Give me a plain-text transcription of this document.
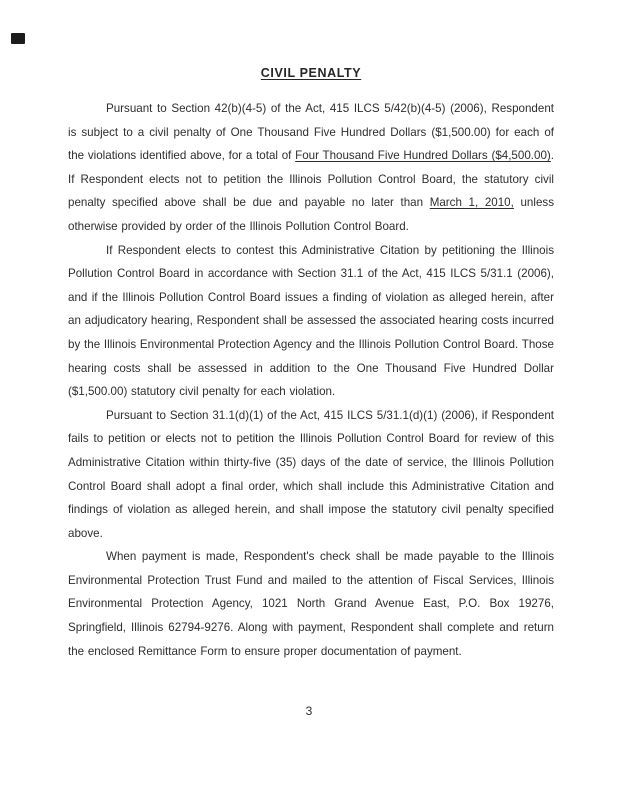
CIVIL PENALTY

Pursuant to Section 42(b)(4-5) of the Act, 415 ILCS 5/42(b)(4-5) (2006), Respondent is subject to a civil penalty of One Thousand Five Hundred Dollars ($1,500.00) for each of the violations identified above, for a total of Four Thousand Five Hundred Dollars ($4,500.00). If Respondent elects not to petition the Illinois Pollution Control Board, the statutory civil penalty specified above shall be due and payable no later than March 1, 2010, unless otherwise provided by order of the Illinois Pollution Control Board.

If Respondent elects to contest this Administrative Citation by petitioning the Illinois Pollution Control Board in accordance with Section 31.1 of the Act, 415 ILCS 5/31.1 (2006), and if the Illinois Pollution Control Board issues a finding of violation as alleged herein, after an adjudicatory hearing, Respondent shall be assessed the associated hearing costs incurred by the Illinois Environmental Protection Agency and the Illinois Pollution Control Board. Those hearing costs shall be assessed in addition to the One Thousand Five Hundred Dollar ($1,500.00) statutory civil penalty for each violation.

Pursuant to Section 31.1(d)(1) of the Act, 415 ILCS 5/31.1(d)(1) (2006), if Respondent fails to petition or elects not to petition the Illinois Pollution Control Board for review of this Administrative Citation within thirty-five (35) days of the date of service, the Illinois Pollution Control Board shall adopt a final order, which shall include this Administrative Citation and findings of violation as alleged herein, and shall impose the statutory civil penalty specified above.

When payment is made, Respondent's check shall be made payable to the Illinois Environmental Protection Trust Fund and mailed to the attention of Fiscal Services, Illinois Environmental Protection Agency, 1021 North Grand Avenue East, P.O. Box 19276, Springfield, Illinois 62794-9276. Along with payment, Respondent shall complete and return the enclosed Remittance Form to ensure proper documentation of payment.

3
